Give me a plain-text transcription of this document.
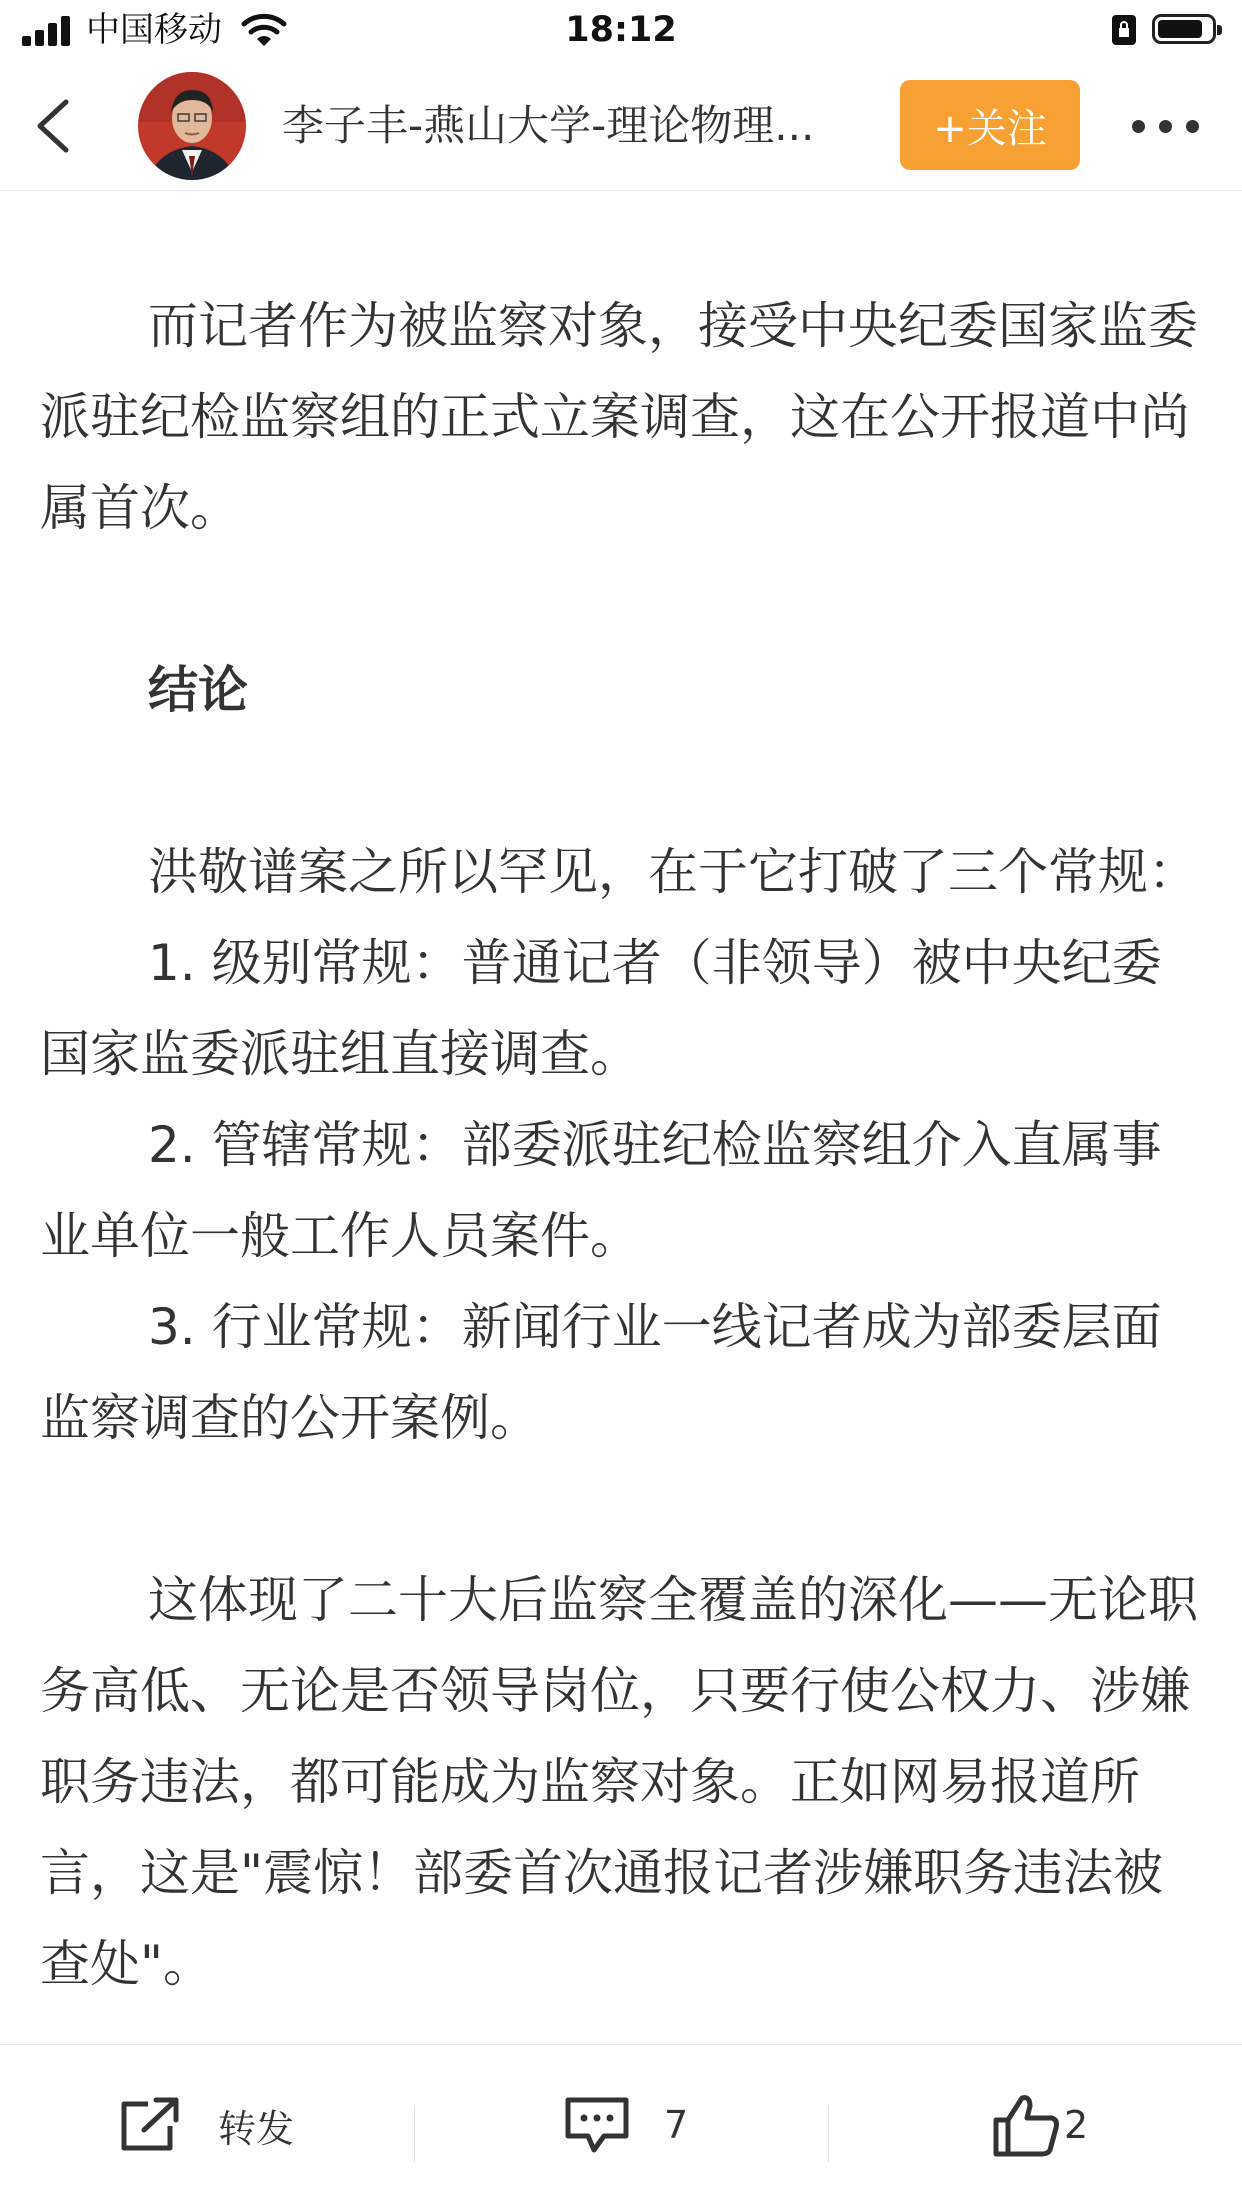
中国移动	18:12
李子丰-燕山大学-理论物理...	+关注

而记者作为被监察对象，接受中央纪委国家监委派驻纪检监察组的正式立案调查，这在公开报道中尚属首次。

结论

洪敬谱案之所以罕见，在于它打破了三个常规：

1. 级别常规：普通记者（非领导）被中央纪委国家监委派驻组直接调查。

2. 管辖常规：部委派驻纪检监察组介入直属事业单位一般工作人员案件。

3. 行业常规：新闻行业一线记者成为部委层面监察调查的公开案例。

这体现了二十大后监察全覆盖的深化——无论职务高低、无论是否领导岗位，只要行使公权力、涉嫌职务违法，都可能成为监察对象。正如网易报道所言，这是"震惊！部委首次通报记者涉嫌职务违法被查处"。

转发	7	2
